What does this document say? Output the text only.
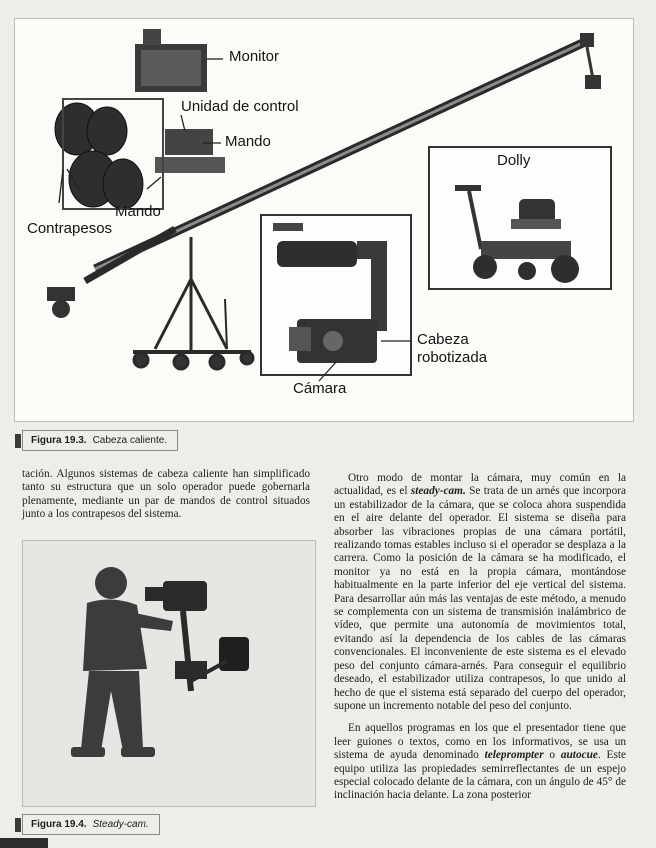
Monitor
Unidad de control
Mando
Mando
Contrapesos
Dolly
Cabeza
robotizada
Cámara
Figura 19.3. Cabeza caliente.

tación. Algunos sistemas de cabeza caliente han simplificado tanto su estructura que un solo operador puede gobernarla plenamente, mediante un par de mandos de control situados junto a los contrapesos del sistema.

Figura 19.4. Steady-cam.

Otro modo de montar la cámara, muy común en la actualidad, es el steady-cam. Se trata de un arnés que incorpora un estabilizador de la cámara, que se coloca ahora suspendida en el aire delante del operador. El sistema se diseña para absorber las vibraciones propias de una cámara portátil, realizando tomas estables incluso si el operador se desplaza a la carrera. Como la posición de la cámara se ha modificado, el monitor ya no está en la propia cámara, montándose habitualmente en la parte inferior del eje vertical del sistema. Para desarrollar aún más las ventajas de este método, a menudo se complementa con un sistema de transmisión inalámbrico de vídeo, que permite una autonomía de movimientos total, evitando así la dependencia de los cables de las cámaras convencionales. El inconveniente de este sistema es el elevado peso del conjunto cámara-arnés. Para conseguir el equilibrio deseado, el estabilizador utiliza contrapesos, lo que unido al hecho de que el sistema está separado del cuerpo del operador, supone un incremento notable del peso del conjunto.

En aquellos programas en los que el presentador tiene que leer guiones o textos, como en los informativos, se usa un sistema de ayuda denominado teleprompter o autocue. Este equipo utiliza las propiedades semirreflectantes de un espejo especial colocado delante de la cámara, con un ángulo de 45° de inclinación hacia delante. La zona posterior
